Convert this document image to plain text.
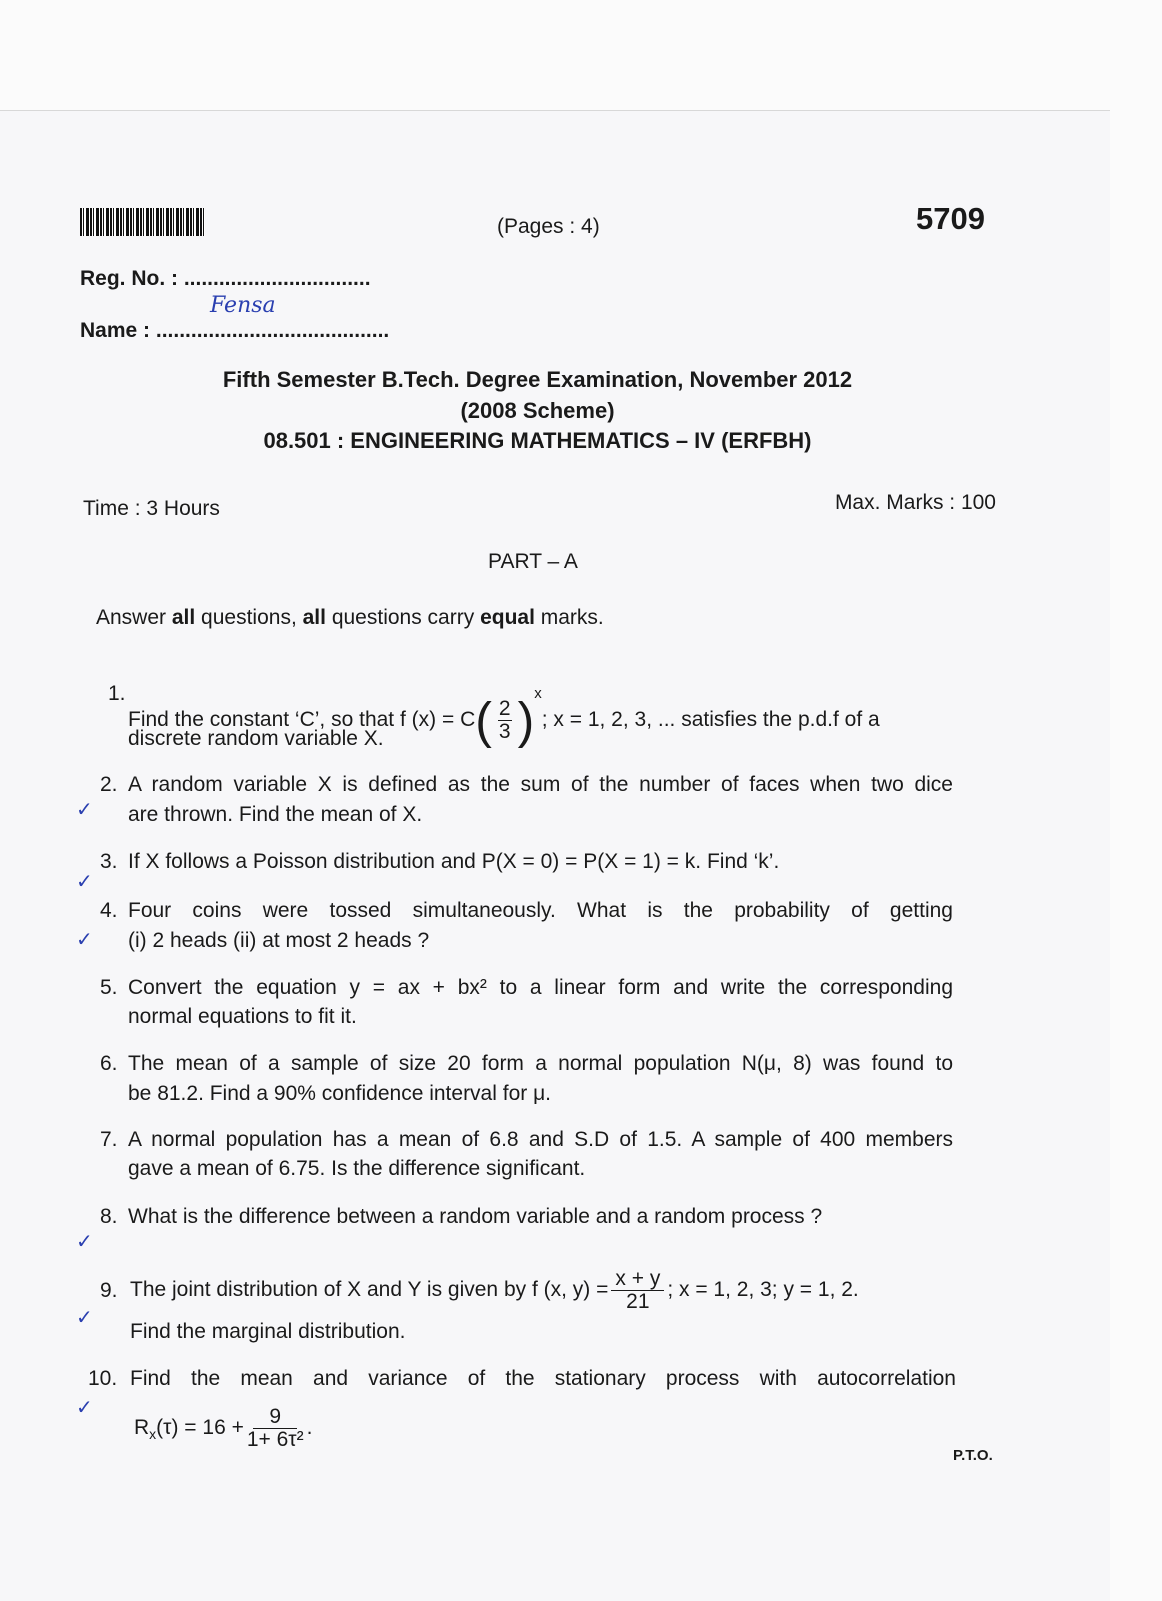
(Pages : 4)	5709
Reg. No. : ................................
Name : ........................................
Fensa
Fifth Semester B.Tech. Degree Examination, November 2012
(2008 Scheme)
08.501 : ENGINEERING MATHEMATICS – IV (ERFBH)
Time : 3 Hours	Max. Marks : 100
PART – A
Answer all questions, all questions carry equal marks.
1.
Find the constant ‘C’, so that f $(x) = C( \frac{2}{3} )^x$; x = 1, 2, 3, ... satisfies the p.d.f of a
discrete random variable X.
2. A random variable X is defined as the sum of the number of faces when two dice
are thrown. Find the mean of X.
3. If X follows a Poisson distribution and P(X = 0) = P(X = 1) = k. Find ‘k’.
4. Four coins were tossed simultaneously. What is the probability of getting
(i) 2 heads (ii) at most 2 heads ?
5. Convert the equation y = ax + bx² to a linear form and write the corresponding
normal equations to fit it.
6. The mean of a sample of size 20 form a normal population N(μ, 8) was found to
be 81.2. Find a 90% confidence interval for μ.
7. A normal population has a mean of 6.8 and S.D of 1.5. A sample of 400 members
gave a mean of 6.75. Is the difference significant.
8. What is the difference between a random variable and a random process ?
9. The joint distribution of X and Y is given by f (x, $y) = \frac{x + y}{21}$ ; x = 1, 2, 3; y = 1, 2.
Find the marginal distribution.
10. Find the mean and variance of the stationary process with autocorrelation
$R_x(\tau) = 16 + \frac{9}{\text{1+ 6τ²}}$ .
P.T.O.
✓
✓
✓
✓
✓
✓
